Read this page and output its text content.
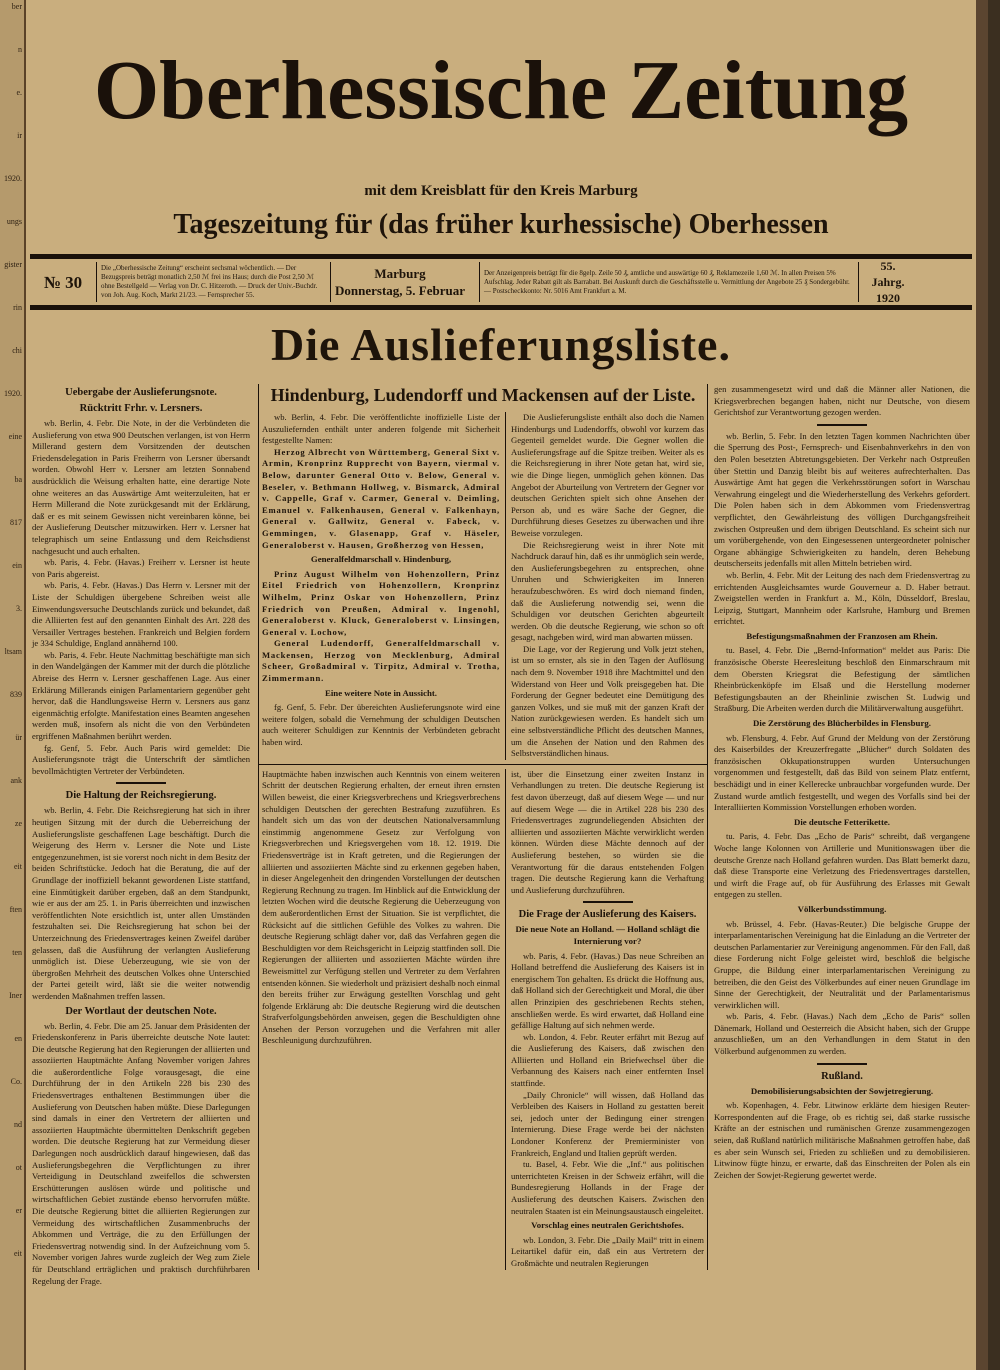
ber
n
e.
ir
1920.
ungs
gister
rin
chi
1920.
eine
ba
817
ein
3.
ltsam
839
ür
ank
ze
eit
ften
ten
Iner
en
Co.
nd
ot
er
eit
Oberhessische Zeitung
mit dem Kreisblatt für den Kreis Marburg
Tageszeitung für (das früher kurhessische) Oberhessen
№ 30
Die „Oberhessische Zeitung“ erscheint sechsmal wöchentlich. — Der Bezugspreis beträgt monatlich 2,50 ℳ frei ins Haus; durch die Post 2,50 ℳ ohne Bestellgeld — Verlag von Dr. C. Hitzeroth. — Druck der Univ.-Buchdr. von Joh. Aug. Koch, Markt 21/23. — Fernsprecher 55.
Marburg
Donnerstag, 5. Februar
Der Anzeigenpreis beträgt für die 8gelp. Zeile 50 ₰, amtliche und auswärtige 60 ₰, Reklamezeile 1,60 ℳ. In allen Preisen 5% Aufschlag. Jeder Rabatt gilt als Barrabatt. Bei Auskunft durch die Geschäftsstelle u. Vermittlung der Angebote 25 ₰ Sondergebühr. — Postscheckkonto: Nr. 5016 Amt Frankfurt a. M.
55. Jahrg.
1920
Die Auslieferungsliste.
Uebergabe der Auslieferungsnote.
Rücktritt Frhr. v. Lersners.

wb. Berlin, 4. Febr. Die Note, in der die Verbündeten die Auslieferung von etwa 900 Deutschen verlangen, ist von Herrn Millerand gestern dem Vorsitzenden der deutschen Friedensdelegation in Paris Freiherrn von Lersner übersandt worden. Obwohl Herr v. Lersner am letzten Sonnabend ausdrücklich die Weisung erhalten hatte, eine derartige Note ohne weiteres an das Auswärtige Amt weiterzuleiten, hat er Herrn Millerand die Note zurückgesandt mit der Erklärung, daß er es mit seinem Gewissen nicht vereinbaren könne, bei der Auslieferung Deutscher mitzuwirken. Herr v. Lersner hat telegraphisch um seine Entlassung und dem Reichsdienst nachgesucht und auch erhalten.

wb. Paris, 4. Febr. (Havas.) Freiherr v. Lersner ist heute von Paris abgereist.

wb. Paris, 4. Febr. (Havas.) Das Herrn v. Lersner mit der Liste der Schuldigen übergebene Schreiben weist alle Einwendungsversuche Deutschlands zurück und bekundet, daß die Alliierten fest auf den genannten Einhalt des Art. 228 des Versailler Vertrages bestehen. Frankreich und Belgien fordern je 334 Schuldige, England annähernd 100.

wb. Paris, 4. Febr. Heute Nachmittag beschäftigte man sich in den Wandelgängen der Kammer mit der durch die plötzliche Abreise des Herrn v. Lersner geschaffenen Lage. Aus einer Erklärung Millerands einigen Parlamentariern gegenüber geht hervor, daß die Handlungsweise Herrn v. Lersners aus ganz eigenmächtig erfolgte. Manifestation eines Beamten angesehen werden muß, insofern als nicht die von den Verbündeten ergriffenen Maßnahmen berührt werden.

fg. Genf, 5. Febr. Auch Paris wird gemeldet: Die Auslieferungsnote trägt die Unterschrift der sämtlichen bevollmächtigten Vertreter der Verbündeten.

Die Haltung der Reichsregierung.

wb. Berlin, 4. Febr. Die Reichsregierung hat sich in ihrer heutigen Sitzung mit der durch die Ueberreichung der Auslieferungsliste geschaffenen Lage beschäftigt. Durch die Weigerung des Herrn v. Lersner die Note und Liste entgegenzunehmen, ist sie vorerst noch nicht in dem Besitz der beiden Schriftstücke. Jedoch hat die Beratung, die auf der Grundlage der inoffiziell bekannt gewordenen Liste stattfand, eine Einmütigkeit darüber ergeben, daß an dem Standpunkt, wie er aus der am 25. 1. in Paris überreichten und inzwischen veröffentlichten Note ersichtlich ist, unter allen Umständen festzuhalten sei. Die Reichsregierung hat schon bei der Unterzeichnung des Friedensvertrages keinen Zweifel darüber gelassen, daß die Ausführung der verlangten Auslieferung unmöglich ist. Diese Ueberzeugung, wie sie von der übergroßen Mehrheit des deutschen Volkes ohne Unterschied der Partei geteilt wird, läßt sie die weiter notwendig werdenden Maßnahmen treffen lassen.

Der Wortlaut der deutschen Note.

wb. Berlin, 4. Febr. Die am 25. Januar dem Präsidenten der Friedenskonferenz in Paris überreichte deutsche Note lautet: Die deutsche Regierung hat den Regierungen der alliierten und assoziierten Hauptmächte Anfang November vorigen Jahres die außerordentliche Folge vorausgesagt, die eine Durchführung der in den Artikeln 228 bis 230 des Friedensvertrages enthaltenen Bestimmungen über die Auslieferung von Deutschen haben müßte. Diese Darlegungen sind damals in einer den Vertretern der alliierten und assoziierten Hauptmächte übermittelten Denkschrift gegeben worden. Die deutsche Regierung hat zur Vermeidung dieser Darlegungen noch ausdrücklich darauf hingewiesen, daß das Auslieferungsbegehren die Verpflichtungen zu ihrer Verteidigung in Deutschland zweifellos die schwersten Erschütterungen auslösen würde und politische und wirtschaftlichen Gebiet zustände ebenso hervorrufen müßte. Die deutsche Regierung bittet die alliierten Regierungen zur Vermeidung des wirtschaftlichen Zusammenbruchs der Abkommen und Verträge, die zu den Erfüllungen der Friedensvertrag notwendig sind. In der Aufzeichnung vom 5. November vorigen Jahres wurde zugleich der Weg zum Ziele für Deutschland erträglichen und praktisch durchführbaren Regelung der Frage.

Hindenburg, Ludendorff und Mackensen auf der Liste.

wb. Berlin, 4. Febr. Die veröffentlichte inoffizielle Liste der Auszuliefernden enthält unter anderen folgende mit Sicherheit festgestellte Namen:

Herzog Albrecht von Württemberg, General Sixt v. Armin, Kronprinz Rupprecht von Bayern, viermal v. Below, darunter General Otto v. Below, General v. Beseler, v. Bethmann Hollweg, v. Bismarck, Admiral v. Cappelle, Graf v. Carmer, General v. Deimling, Emanuel v. Falkenhausen, General v. Falkenhayn, General v. Gallwitz, General v. Fabeck, v. Gemmingen, v. Glasenapp, Graf v. Häseler, Generaloberst v. Hausen, Großherzog von Hessen,

Generalfeldmarschall v. Hindenburg,

Prinz August Wilhelm von Hohenzollern, Prinz Eitel Friedrich von Hohenzollern, Kronprinz Wilhelm, Prinz Oskar von Hohenzollern, Prinz Friedrich von Preußen, Admiral v. Ingenohl, Generaloberst v. Kluck, Generaloberst v. Linsingen, General v. Lochow,

General Ludendorff, Generalfeldmarschall v. Mackensen, Herzog von Mecklenburg, Admiral Scheer, Großadmiral v. Tirpitz, Admiral v. Trotha, Zimmermann.

Eine weitere Note in Aussicht.

fg. Genf, 5. Febr. Der übereichten Auslieferungsnote wird eine weitere folgen, sobald die Vernehmung der schuldigen Deutschen auch weiterer Schuldigen zur Kenntnis der Verbündeten gebracht haben wird.

Die Auslieferungsliste enthält also doch die Namen Hindenburgs und Ludendorffs, obwohl vor kurzem das Gegenteil gemeldet wurde. Die Gegner wollen die Auslieferungsfrage auf die Spitze treiben. Weiter als es die Reichsregierung in ihrer Note getan hat, wird sie, wie die Dinge liegen, unmöglich gehen können. Das Angebot der Aburteilung von Vertretern der Gegner vor deutschen Gerichten spielt sich ohne Ansehen der Person ab, und es wäre Sache der Gegner, die Durchführung dieses Gesetzes zu überwachen und ihre Beweise vorzulegen.

Die Reichsregierung weist in ihrer Note mit Nachdruck darauf hin, daß es ihr unmöglich sein werde, den Auslieferungsbegehren zu entsprechen, ohne Unruhen und Schwierigkeiten im Inneren heraufzubeschwören. Es wird doch niemand finden, daß die Auslieferung notwendig sei, wenn die Schuldigen vor deutschen Gerichten abgeurteilt werden. Ob die deutsche Regierung, wie schon so oft gesagt, nachgeben wird, wird man abwarten müssen.

Die Lage, vor der Regierung und Volk jetzt stehen, ist um so ernster, als sie in den Tagen der Auflösung nach dem 9. November 1918 ihre Machtmittel und den Widerstand von Heer und Volk preisgegeben hat. Die Forderung der Gegner bedeutet eine Demütigung des ganzen Volkes, und sie muß mit der ganzen Kraft der Nation zurückgewiesen werden. Es handelt sich um eine selbstverständliche Pflicht des deutschen Mannes, um die Ansehen der Nation und den Rahmen des Selbstverständlichen hinaus.

Hauptmächte haben inzwischen auch Kenntnis von einem weiteren Schritt der deutschen Regierung erhalten, der erneut ihren ernsten Willen beweist, die einer Kriegsverbrechens und Kriegsverbrechens schuldigen Deutschen der gerechten Bestrafung zuzuführen. Es handelt sich um das von der deutschen Nationalversammlung einstimmig angenommene Gesetz zur Verfolgung von Kriegsverbrechen und Kriegsvergehen vom 18. 12. 1919. Die Friedensverträge ist in Kraft getreten, und die Regierungen der alliierten und assoziierten Mächte sind zu erkennen gegeben haben, in dieser Angelegenheit den dringenden Vorstellungen der deutschen Regierung Rechnung zu tragen. Im Hinblick auf die Entwicklung der letzten Wochen wird die deutsche Regierung die Ueberzeugung von dem außerordentlichen Ernst der Situation. Sie ist verpflichtet, die Rücksicht auf die sittlichen Gefühle des Volkes zu wahren. Die deutsche Regierung schlägt daher vor, daß das Verfahren gegen die Beschuldigten vor dem Reichsgericht in Leipzig stattfinden soll. Die Regierungen der alliierten und assoziierten Mächte würden ihre Beweismittel zur Verfügung stellen und Vertreter zu dem Verfahren entsenden können. Sie wiederholt und präzisiert deshalb noch einmal den bereits früher zur Erwägung gestellten Vorschlag und geht folgende Erklärung ab: Die deutsche Regierung wird die deutschen Strafverfolgungsbehörden anweisen, gegen die Beschuldigten ohne Ansehen der Person vorzugehen und die Verfahren mit aller Beschleunigung durchzuführen.

ist, über die Einsetzung einer zweiten Instanz in Verhandlungen zu treten. Die deutsche Regierung ist fest davon überzeugt, daß auf diesem Wege — und nur auf diesem Wege — die in Artikel 228 bis 230 des Friedensvertrages zugrundeliegenden Absichten der alliierten und assoziierten Mächte verwirklicht werden können. Würden diese Mächte dennoch auf der Auslieferung bestehen, so würden sie die Verantwortung für die daraus entstehenden Folgen tragen. Die deutsche Regierung kann die Verhaftung und Auslieferung durchzuführen.

Die Frage der Auslieferung des Kaisers.
Die neue Note an Holland. — Holland schlägt die Internierung vor?

wb. Paris, 4. Febr. (Havas.) Das neue Schreiben an Holland betreffend die Auslieferung des Kaisers ist in energischem Ton gehalten. Es drückt die Hoffnung aus, daß Holland sich der Gerechtigkeit und Moral, die über allen Prinzipien des geschriebenen Rechts stehen, anschließen werde. Es wird erwartet, daß Holland eine gefällige Haltung auf sich nehmen werde.

wb. London, 4. Febr. Reuter erfährt mit Bezug auf die Auslieferung des Kaisers, daß zwischen den Alliierten und Holland ein Briefwechsel über die Verbannung des Kaisers nach einer entfernten Insel stattfinde.

„Daily Chronicle“ will wissen, daß Holland das Verbleiben des Kaisers in Holland zu gestatten bereit sei, jedoch unter der Bedingung einer strengen Internierung. Diese Frage werde bei der nächsten Londoner Konferenz der Premierminister von Frankreich, England und Italien geprüft werden.

tu. Basel, 4. Febr. Wie die „Inf.“ aus politischen unterrichteten Kreisen in der Schweiz erfährt, will die Bundesregierung Hollands in der Frage der Auslieferung des deutschen Kaisers. Zwischen den neutralen Staaten ist ein Meinungsaustausch eingeleitet.

Vorschlag eines neutralen Gerichtshofes.

wb. London, 3. Febr. Die „Daily Mail“ tritt in einem Leitartikel dafür ein, daß ein aus Vertretern der Großmächte und neutralen Regierungen

gen zusammengesetzt wird und daß die Männer aller Nationen, die Kriegsverbrechen begangen haben, nicht nur Deutsche, von diesem Gerichtshof zur Verantwortung gezogen werden.

wb. Berlin, 5. Febr. In den letzten Tagen kommen Nachrichten über die Sperrung des Post-, Fernsprech- und Eisenbahnverkehrs in den von den Polen besetzten Abtretungsgebieten. Der Verkehr nach Ostpreußen über Stettin und Danzig bleibt bis auf weiteres aufrechterhalten. Das Auswärtige Amt hat gegen die Verkehrsstörungen sofort in Warschau Verwahrung eingelegt und die Wiederherstellung des Verkehrs gefordert. Die Polen haben sich in dem Abkommen vom Friedensvertrag verpflichtet, den Gewährleistung des völligen Durchgangsfreiheit zwischen Ostpreußen und dem übrigen Deutschland. Es scheint sich nur um vorübergehende, von den Eingesessenen untergeordneter polnischer Organe abhängige Schwierigkeiten zu handeln, deren Behebung deutscherseits jedenfalls mit allen Mitteln betrieben wird.

wb. Berlin, 4. Febr. Mit der Leitung des nach dem Friedensvertrag zu errichtenden Ausgleichsamtes wurde Gouverneur a. D. Haber betraut. Zweigstellen werden in Frankfurt a. M., Köln, Düsseldorf, Breslau, Leipzig, Stuttgart, Mannheim oder Karlsruhe, Hamburg und Bremen errichtet.

Befestigungsmaßnahmen der Franzosen am Rhein.

tu. Basel, 4. Febr. Die „Bernd-Information“ meldet aus Paris: Die französische Oberste Heeresleitung beschloß den Einmarschraum mit dem Obersten Kriegsrat die Befestigung der sämtlichen Rheinbrückenköpfe im Elsaß und die Herstellung moderner Befestigungsbauten an der Rheinlinie zwischen St. Ludwig und Straßburg. Die Arbeiten werden durch die Militärverwaltung ausgeführt.

Die Zerstörung des Blücherbildes in Flensburg.

wb. Flensburg, 4. Febr. Auf Grund der Meldung von der Zerstörung des Kaiserbildes der Kreuzerfregatte „Blücher“ durch Soldaten des französischen Okkupationstruppen wurden Untersuchungen vorgenommen und festgestellt, daß das Bild von seinem Platz entfernt, beschädigt und in einer Kellerecke unbrauchbar vorgefunden wurde. Der Zustand wurde amtlich festgestellt, und wegen des Vorfalls sind bei der Interalliierten Kommission Vorstellungen erhoben worden.

Die deutsche Fetterikette.

tu. Paris, 4. Febr. Das „Echo de Paris“ schreibt, daß vergangene Woche lange Kolonnen von Artillerie und Munitionswagen über die deutsche Grenze nach Holland gefahren wurden. Das Blatt bemerkt dazu, daß diese Transporte eine Verletzung des Friedensvertrages darstellen, und wirft die Frage auf, ob für Ausführung des Erlasses mit Gewalt entgegen zu stellen.

Völkerbundsstimmung.

wb. Brüssel, 4. Febr. (Havas-Reuter.) Die belgische Gruppe der interparlamentarischen Vereinigung hat die Einladung an die Vertreter der deutschen Parlamentarier zur Vereinigung angenommen. Für den Fall, daß diese Forderung nicht Folge geleistet wird, beschloß die belgische Gruppe, die Bildung einer interparlamentarischen Vereinigung zu betreiben, die den Geist des Völkerbundes auf einer neuen Grundlage im Sinne der Gerechtigkeit, der Neutralität und der Parlamentarismus verwirklichen will.

wb. Paris, 4. Febr. (Havas.) Nach dem „Echo de Paris“ sollen Dänemark, Holland und Oesterreich die Absicht haben, sich der Gruppe anzuschließen, um an den Verhandlungen in dem Statut in den Völkerbund aufgenommen zu werden.

Rußland.
Demobilisierungsabsichten der Sowjetregierung.

wb. Kopenhagen, 4. Febr. Litwinow erklärte dem hiesigen Reuter-Korrespondenten auf die Frage, ob es richtig sei, daß starke russische Kräfte an der estnischen und rumänischen Grenze zusammengezogen seien, daß Rußland natürlich militärische Maßnahmen getroffen habe, daß es aber sein Wunsch sei, Frieden zu schließen und zu demobilisieren. Litwinow fügte hinzu, er erwarte, daß das Einschreiten der Polen als ein Zeichen der Sowjet-Regierung gewertet werde.
